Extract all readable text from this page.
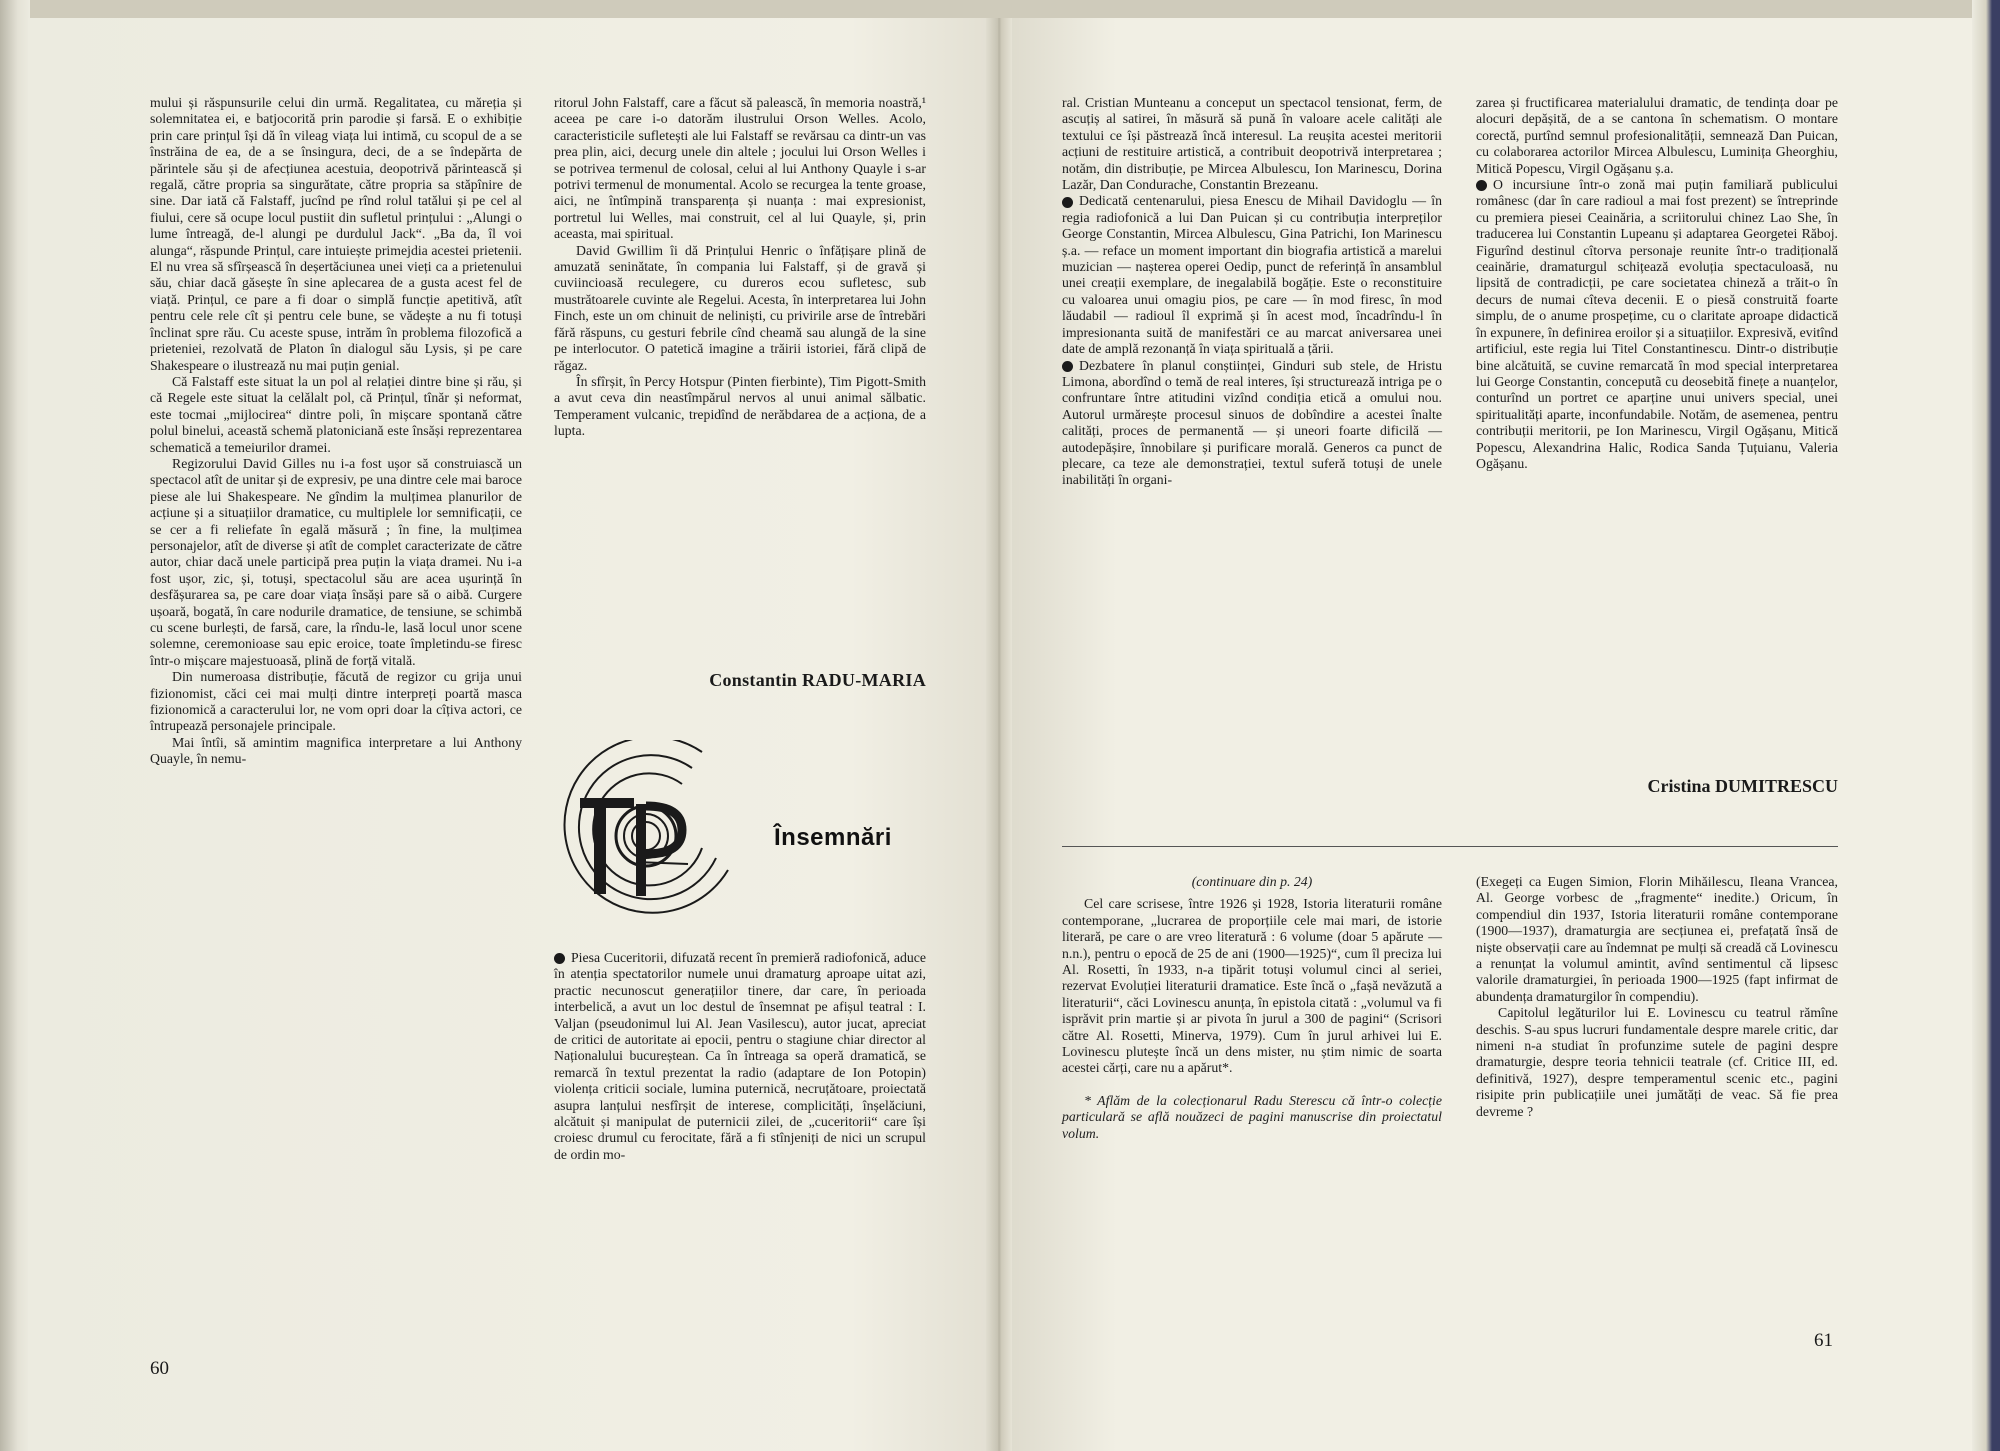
mului și răspunsurile celui din urmă. Regalitatea, cu măreția și solemnitatea ei, e batjocorită prin parodie și farsă. E o exhibiție prin care prințul își dă în vileag viața lui intimă, cu scopul de a se înstrăina de ea, de a se însingura, deci, de a se îndepărta de părintele său și de afecțiunea acestuia, deopotrivă părintească și regală, către propria sa singurătate, către propria sa stăpînire de sine. Dar iată că Falstaff, jucînd pe rînd rolul tatălui și pe cel al fiului, cere să ocupe locul pustiit din sufletul prințului : „Alungi o lume întreagă, de-l alungi pe durdulul Jack“. „Ba da, îl voi alunga“, răspunde Prințul, care intuiește primejdia acestei prietenii. El nu vrea să sfîrșească în deșertăciunea unei vieți ca a prietenului său, chiar dacă găsește în sine aplecarea de a gusta acest fel de viață. Prințul, ce pare a fi doar o simplă funcție apetitivă, atît pentru cele rele cît și pentru cele bune, se vădește a nu fi totuși înclinat spre rău. Cu aceste spuse, intrăm în problema filozofică a prieteniei, rezolvată de Platon în dialogul său Lysis, și pe care Shakespeare o ilustrează nu mai puțin genial.

Că Falstaff este situat la un pol al relației dintre bine și rău, și că Regele este situat la celălalt pol, că Prințul, tînăr și neformat, este tocmai „mijlocirea“ dintre poli, în mișcare spontană către polul binelui, această schemă platoniciană este însăși reprezentarea schematică a temeiurilor dramei.

Regizorului David Gilles nu i-a fost ușor să construiască un spectacol atît de unitar și de expresiv, pe una dintre cele mai baroce piese ale lui Shakespeare. Ne gîndim la mulțimea planurilor de acțiune și a situațiilor dramatice, cu multiplele lor semnificații, ce se cer a fi reliefate în egală măsură ; în fine, la mulțimea personajelor, atît de diverse și atît de complet caracterizate de către autor, chiar dacă unele participă prea puțin la viața dramei. Nu i-a fost ușor, zic, și, totuși, spectacolul său are acea ușurință în desfășurarea sa, pe care doar viața însăși pare să o aibă. Curgere ușoară, bogată, în care nodurile dramatice, de tensiune, se schimbă cu scene burlești, de farsă, care, la rîndu-le, lasă locul unor scene solemne, ceremonioase sau epic eroice, toate împletindu-se firesc într-o mișcare majestuoasă, plină de forță vitală.

Din numeroasa distribuție, făcută de regizor cu grija unui fizionomist, căci cei mai mulți dintre interpreți poartă masca fizionomică a caracterului lor, ne vom opri doar la cîțiva actori, ce întrupează personajele principale.

Mai întîi, să amintim magnifica interpretare a lui Anthony Quayle, în nemu-

ritorul John Falstaff, care a făcut să palească, în memoria noastră,¹ aceea pe care i-o datorăm ilustrului Orson Welles. Acolo, caracteristicile sufletești ale lui Falstaff se revărsau ca dintr-un vas prea plin, aici, decurg unele din altele ; jocului lui Orson Welles i se potrivea termenul de colosal, celui al lui Anthony Quayle i s-ar potrivi termenul de monumental. Acolo se recurgea la tente groase, aici, ne întîmpină transparența și nuanța : mai expresionist, portretul lui Welles, mai construit, cel al lui Quayle, și, prin aceasta, mai spiritual.

David Gwillim îi dă Prințului Henric o înfățișare plină de amuzată seninătate, în compania lui Falstaff, și de gravă și cuviincioasă reculegere, cu dureros ecou sufletesc, sub mustrătoarele cuvinte ale Regelui. Acesta, în interpretarea lui John Finch, este un om chinuit de neliniști, cu privirile arse de întrebări fără răspuns, cu gesturi febrile cînd cheamă sau alungă de la sine pe interlocutor. O patetică imagine a trăirii istoriei, fără clipă de răgaz.

În sfîrșit, în Percy Hotspur (Pinten fierbinte), Tim Pigott-Smith a avut ceva din neastîmpărul nervos al unui animal sălbatic. Temperament vulcanic, trepidînd de nerăbdarea de a acționa, de a lupta.

Constantin RADU-MARIA
Însemnări

Piesa Cuceritorii, difuzată recent în premieră radiofonică, aduce în atenția spectatorilor numele unui dramaturg aproape uitat azi, practic necunoscut generațiilor tinere, dar care, în perioada interbelică, a avut un loc destul de însemnat pe afișul teatral : I. Valjan (pseudonimul lui Al. Jean Vasilescu), autor jucat, apreciat de critici de autoritate ai epocii, pentru o stagiune chiar director al Naționalului bucureștean. Ca în întreaga sa operă dramatică, se remarcă în textul prezentat la radio (adaptare de Ion Potopin) violența criticii sociale, lumina puternică, necruțătoare, proiectată asupra lanțului nesfîrșit de interese, complicități, înșelăciuni, alcătuit și manipulat de puternicii zilei, de „cuceritorii“ care își croiesc drumul cu ferocitate, fără a fi stînjeniți de nici un scrupul de ordin mo-

60

ral. Cristian Munteanu a conceput un spectacol tensionat, ferm, de ascuțiș al satirei, în măsură să pună în valoare acele calități ale textului ce își păstrează încă interesul. La reușita acestei meritorii acțiuni de restituire artistică, a contribuit deopotrivă interpretarea ; notăm, din distribuție, pe Mircea Albulescu, Ion Marinescu, Dorina Lazăr, Dan Condurache, Constantin Brezeanu.

Dedicată centenarului, piesa Enescu de Mihail Davidoglu — în regia radiofonică a lui Dan Puican și cu contribuția interpreților George Constantin, Mircea Albulescu, Gina Patrichi, Ion Marinescu ș.a. — reface un moment important din biografia artistică a marelui muzician — nașterea operei Oedip, punct de referință în ansamblul unei creații exemplare, de inegalabilă bogăție. Este o reconstituire cu valoarea unui omagiu pios, pe care — în mod firesc, în mod lăudabil — radioul îl exprimă și în acest mod, încadrîndu-l în impresionanta suită de manifestări ce au marcat aniversarea unei date de amplă rezonanță în viața spirituală a țării.

Dezbatere în planul conștiinței, Ginduri sub stele, de Hristu Limona, abordînd o temă de real interes, își structurează intriga pe o confruntare între atitudini vizînd condiția etică a omului nou. Autorul urmărește procesul sinuos de dobîndire a acestei înalte calități, proces de permanentă — și uneori foarte dificilă — autodepășire, înnobilare și purificare morală. Generos ca punct de plecare, ca teze ale demonstrației, textul suferă totuși de unele inabilități în organi-

zarea și fructificarea materialului dramatic, de tendința doar pe alocuri depășită, de a se cantona în schematism. O montare corectă, purtînd semnul profesionalității, semnează Dan Puican, cu colaborarea actorilor Mircea Albulescu, Luminița Gheorghiu, Mitică Popescu, Virgil Ogășanu ș.a.

O incursiune într-o zonă mai puțin familiară publicului românesc (dar în care radioul a mai fost prezent) se întreprinde cu premiera piesei Ceainăria, a scriitorului chinez Lao She, în traducerea lui Constantin Lupeanu și adaptarea Georgetei Răboj. Figurînd destinul cîtorva personaje reunite într-o tradițională ceainărie, dramaturgul schițează evoluția spectaculoasă, nu lipsită de contradicții, pe care societatea chineză a trăit-o în decurs de numai cîteva decenii. E o piesă construită foarte simplu, de o anume prospețime, cu o claritate aproape didactică în expunere, în definirea eroilor și a situațiilor. Expresivă, evitînd artificiul, este regia lui Titel Constantinescu. Dintr-o distribuție bine alcătuită, se cuvine remarcată în mod special interpretarea lui George Constantin, conceputã cu deosebită finețe a nuanțelor, conturînd un portret ce aparține unui univers special, unei spiritualități aparte, inconfundabile. Notăm, de asemenea, pentru contribuții meritorii, pe Ion Marinescu, Virgil Ogășanu, Mitică Popescu, Alexandrina Halic, Rodica Sanda Țuțuianu, Valeria Ogășanu.

Cristina DUMITRESCU

(continuare din p. 24)

Cel care scrisese, între 1926 și 1928, Istoria literaturii române contemporane, „lucrarea de proporțiile cele mai mari, de istorie literară, pe care o are vreo literatură : 6 volume (doar 5 apărute — n.n.), pentru o epocă de 25 de ani (1900—1925)“, cum îl preciza lui Al. Rosetti, în 1933, n-a tipărit totuși volumul cinci al seriei, rezervat Evoluției literaturii dramatice. Este încă o „fașă nevăzută a literaturii“, căci Lovinescu anunța, în epistola citată : „volumul va fi isprăvit prin martie și ar pivota în jurul a 300 de pagini“ (Scrisori către Al. Rosetti, Minerva, 1979). Cum în jurul arhivei lui E. Lovinescu plutește încă un dens mister, nu știm nimic de soarta acestei cărți, care nu a apărut*.

* Aflăm de la colecționarul Radu Sterescu că într-o colecție particulară se află nouăzeci de pagini manuscrise din proiectatul volum.

(Exegeți ca Eugen Simion, Florin Mihăilescu, Ileana Vrancea, Al. George vorbesc de „fragmente“ inedite.) Oricum, în compendiul din 1937, Istoria literaturii române contemporane (1900—1937), dramaturgia are secțiunea ei, prefațată însă de niște observații care au îndemnat pe mulți să creadă că Lovinescu a renunțat la volumul amintit, avînd sentimentul că lipsesc valorile dramaturgiei, în perioada 1900—1925 (fapt infirmat de abundența dramaturgilor în compendiu).

Capitolul legăturilor lui E. Lovinescu cu teatrul rămîne deschis. S-au spus lucruri fundamentale despre marele critic, dar nimeni n-a studiat în profunzime sutele de pagini despre dramaturgie, despre teoria tehnicii teatrale (cf. Critice III, ed. definitivă, 1927), despre temperamentul scenic etc., pagini risipite prin publicațiile unei jumătăți de veac. Să fie prea devreme ?

61
